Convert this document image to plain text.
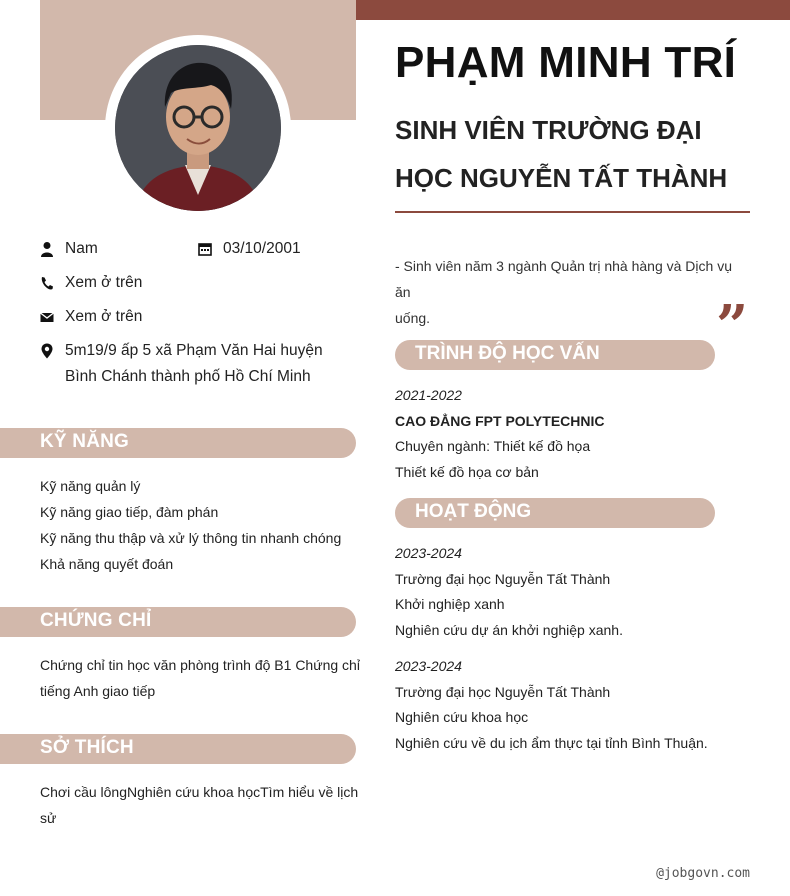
Nam	03/10/2001
Xem ở trên
Xem ở trên
5m19/9 ấp 5 xã Phạm Văn Hai huyện
Bình Chánh thành phố Hồ Chí Minh
KỸ NĂNG
Kỹ năng quản lý
Kỹ năng giao tiếp, đàm phán
Kỹ năng thu thập và xử lý thông tin nhanh chóng
Khả năng quyết đoán
CHỨNG CHỈ
Chứng chỉ tin học văn phòng trình độ B1 Chứng chỉ
tiếng Anh giao tiếp
SỞ THÍCH
Chơi cầu lôngNghiên cứu khoa họcTìm hiểu về lịch
sử
PHẠM MINH TRÍ
SINH VIÊN TRƯỜNG ĐẠI
HỌC NGUYỄN TẤT THÀNH
- Sinh viên năm 3 ngành Quản trị nhà hàng và Dịch vụ ăn
uống.	”
TRÌNH ĐỘ HỌC VẤN
2021-2022
CAO ĐẲNG FPT POLYTECHNIC
Chuyên ngành: Thiết kế đồ họa
Thiết kế đồ họa cơ bản
HOẠT ĐỘNG
2023-2024
Trường đại học Nguyễn Tất Thành
Khởi nghiệp xanh
Nghiên cứu dự án khởi nghiệp xanh.
2023-2024
Trường đại học Nguyễn Tất Thành
Nghiên cứu khoa học
Nghiên cứu về du ịch ẩm thực tại tỉnh Bình Thuận.
@jobgovn.com
